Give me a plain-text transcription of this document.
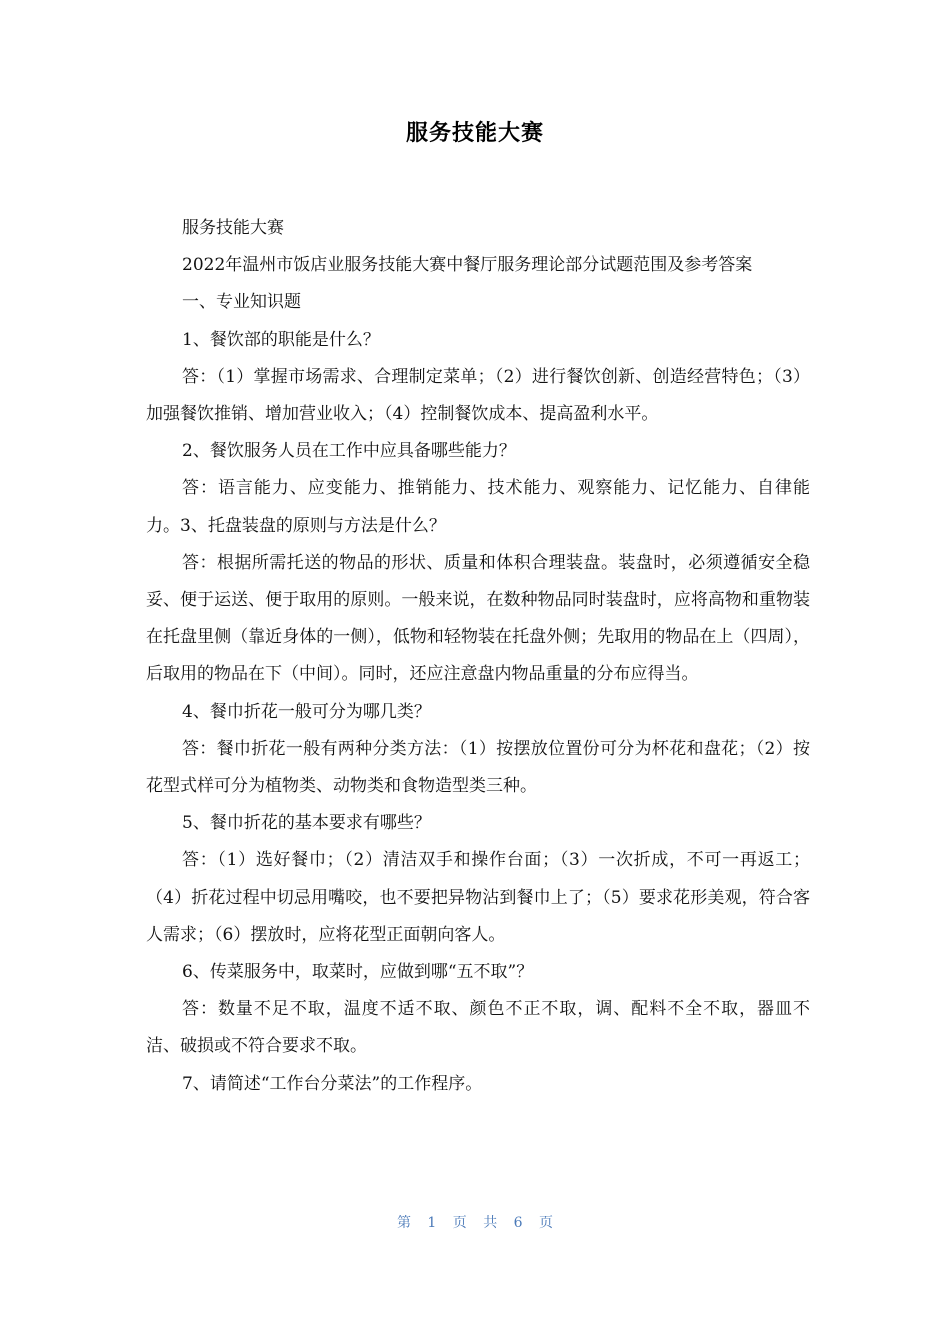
服务技能大赛

服务技能大赛

2022年温州市饭店业服务技能大赛中餐厅服务理论部分试题范围及参考答案

一、专业知识题

1、餐饮部的职能是什么？

答：（1）掌握市场需求、合理制定菜单；（2）进行餐饮创新、创造经营特色；（3）加强餐饮推销、增加营业收入；（4）控制餐饮成本、提高盈利水平。

2、餐饮服务人员在工作中应具备哪些能力？

答：语言能力、应变能力、推销能力、技术能力、观察能力、记忆能力、自律能力。3、托盘装盘的原则与方法是什么？

答：根据所需托送的物品的形状、质量和体积合理装盘。装盘时，必须遵循安全稳妥、便于运送、便于取用的原则。一般来说，在数种物品同时装盘时，应将高物和重物装在托盘里侧（靠近身体的一侧），低物和轻物装在托盘外侧；先取用的物品在上（四周），后取用的物品在下（中间）。同时，还应注意盘内物品重量的分布应得当。

4、餐巾折花一般可分为哪几类？

答：餐巾折花一般有两种分类方法：（1）按摆放位置份可分为杯花和盘花；（2）按花型式样可分为植物类、动物类和食物造型类三种。

5、餐巾折花的基本要求有哪些？

答：（1）选好餐巾；（2）清洁双手和操作台面；（3）一次折成，不可一再返工；（4）折花过程中切忌用嘴咬，也不要把异物沾到餐巾上了；（5）要求花形美观，符合客人需求；（6）摆放时，应将花型正面朝向客人。

6、传菜服务中，取菜时，应做到哪“五不取”？

答：数量不足不取，温度不适不取、颜色不正不取，调、配料不全不取，器皿不洁、破损或不符合要求不取。

7、请简述“工作台分菜法”的工作程序。

第 1 页 共 6 页
